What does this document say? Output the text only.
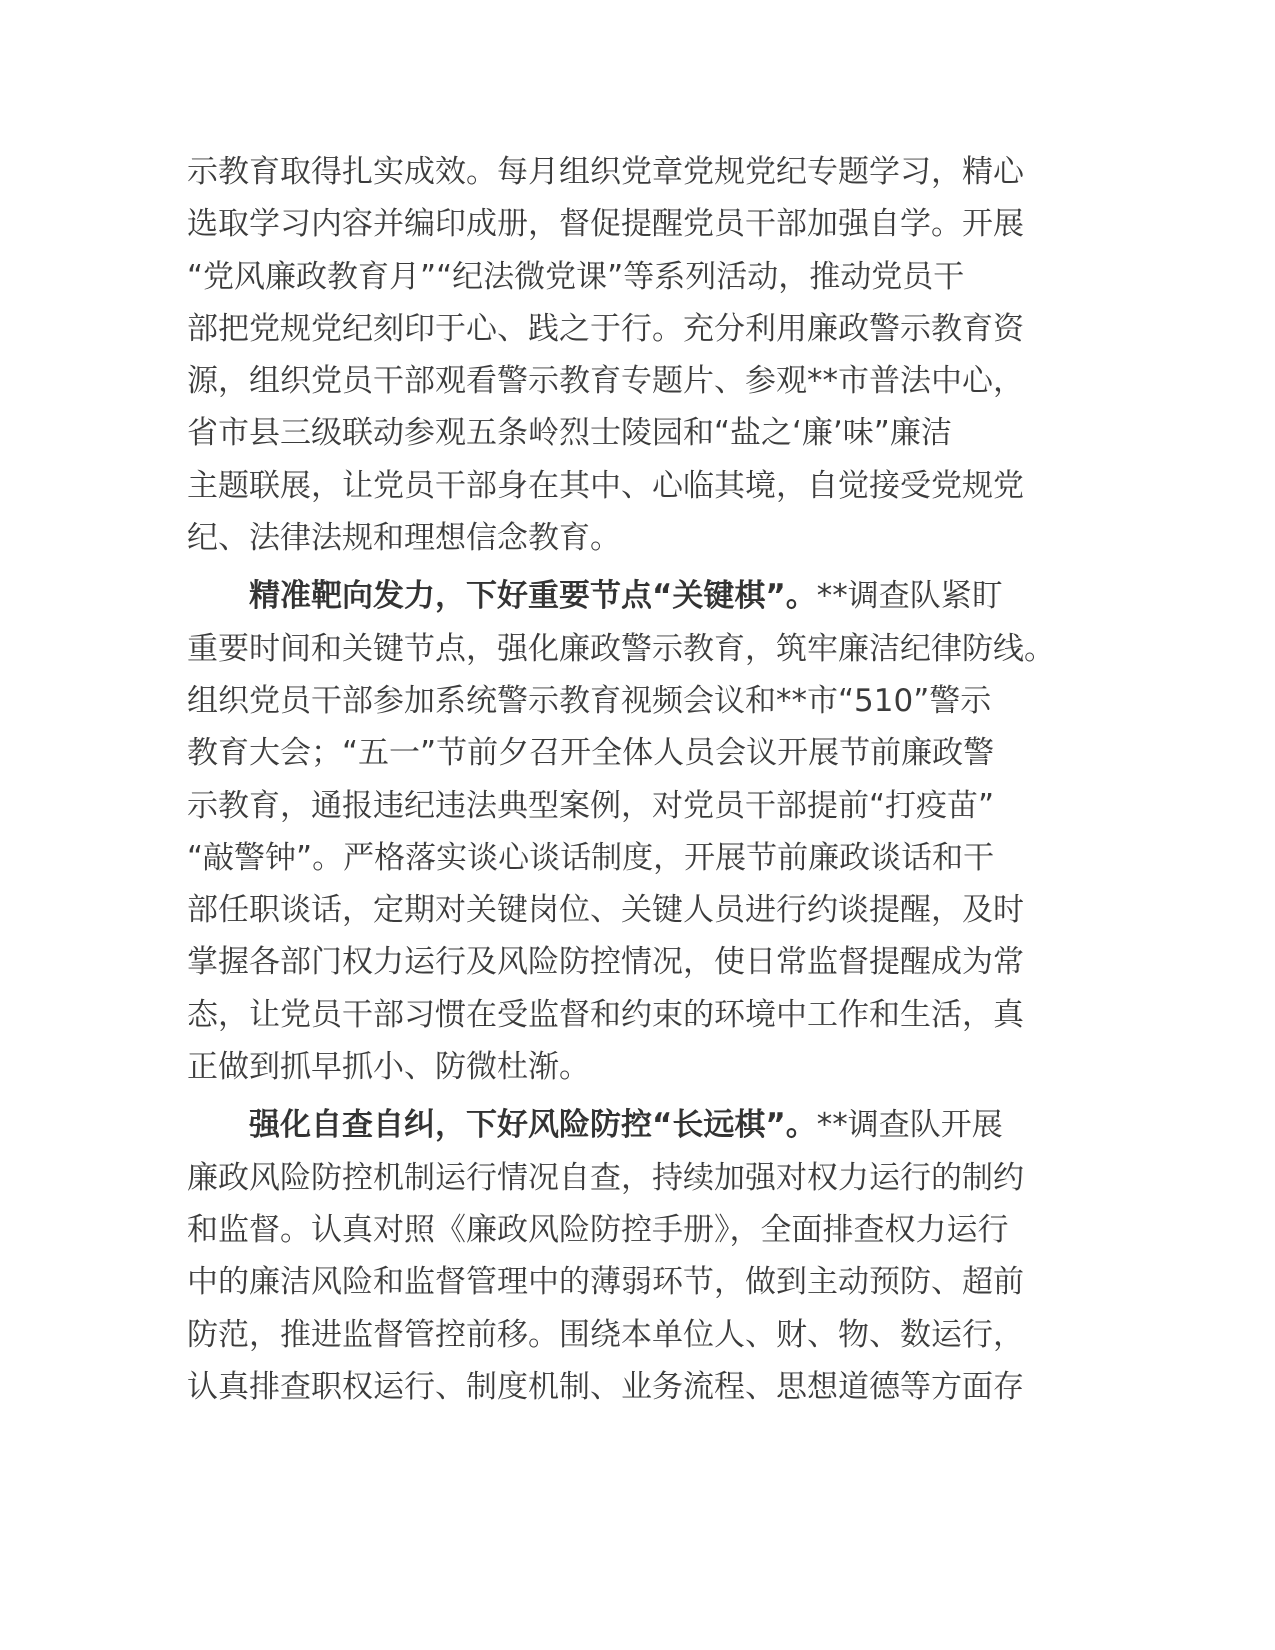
示教育取得扎实成效。每月组织党章党规党纪专题学习，精心
选取学习内容并编印成册，督促提醒党员干部加强自学。开展
“党风廉政教育月”“纪法微党课”等系列活动，推动党员干
部把党规党纪刻印于心、践之于行。充分利用廉政警示教育资
源，组织党员干部观看警示教育专题片、参观**市普法中心，
省市县三级联动参观五条岭烈士陵园和“盐之‘廉’味”廉洁
主题联展，让党员干部身在其中、心临其境，自觉接受党规党
纪、法律法规和理想信念教育。
精准靶向发力，下好重要节点“关键棋”。**调查队紧盯
重要时间和关键节点，强化廉政警示教育，筑牢廉洁纪律防线。
组织党员干部参加系统警示教育视频会议和**市“510”警示
教育大会；“五一”节前夕召开全体人员会议开展节前廉政警
示教育，通报违纪违法典型案例，对党员干部提前“打疫苗”
“敲警钟”。严格落实谈心谈话制度，开展节前廉政谈话和干
部任职谈话，定期对关键岗位、关键人员进行约谈提醒，及时
掌握各部门权力运行及风险防控情况，使日常监督提醒成为常
态，让党员干部习惯在受监督和约束的环境中工作和生活，真
正做到抓早抓小、防微杜渐。
强化自查自纠，下好风险防控“长远棋”。**调查队开展
廉政风险防控机制运行情况自查，持续加强对权力运行的制约
和监督。认真对照《廉政风险防控手册》，全面排查权力运行
中的廉洁风险和监督管理中的薄弱环节，做到主动预防、超前
防范，推进监督管控前移。围绕本单位人、财、物、数运行，
认真排查职权运行、制度机制、业务流程、思想道德等方面存
